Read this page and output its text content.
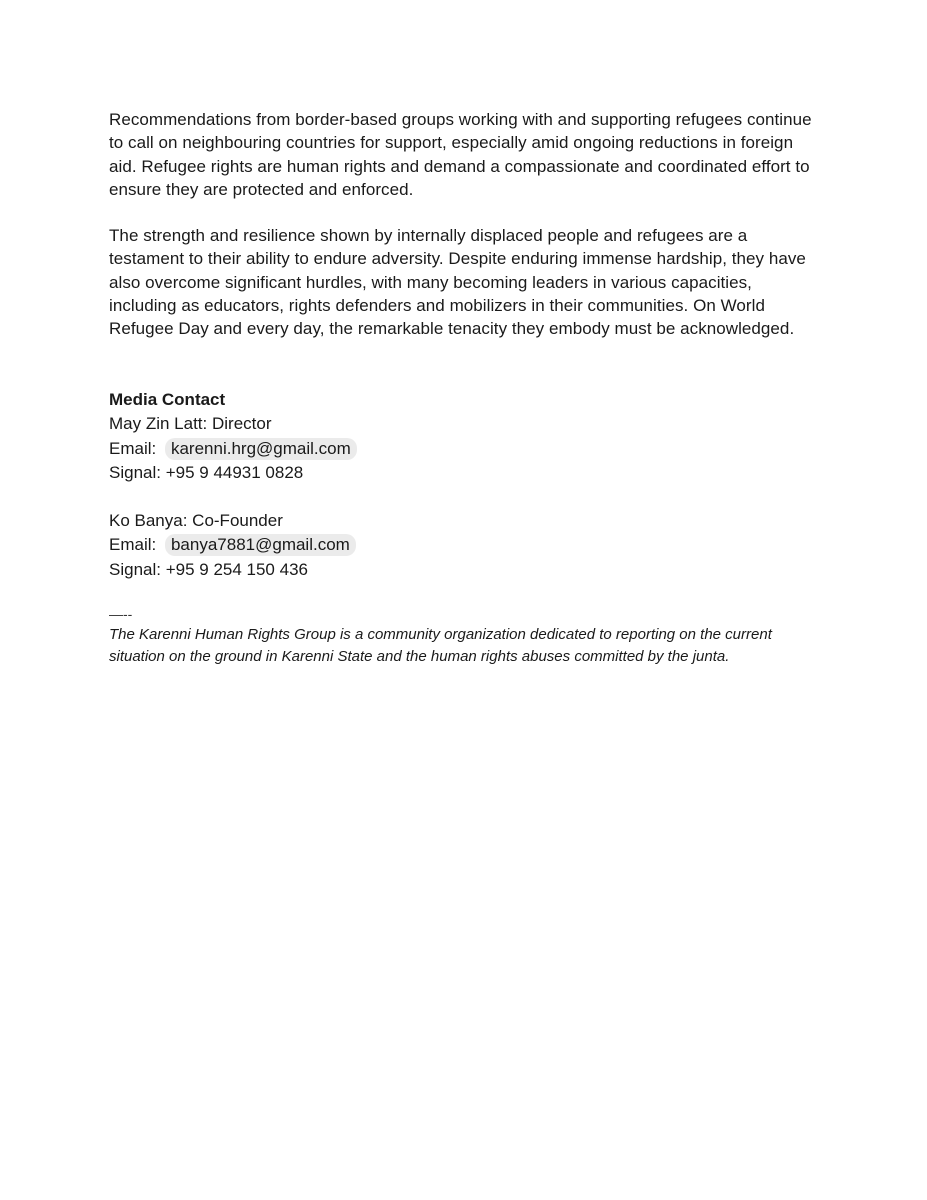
Recommendations from border-based groups working with and supporting refugees continue to call on neighbouring countries for support, especially amid ongoing reductions in foreign aid. Refugee rights are human rights and demand a compassionate and coordinated effort to ensure they are protected and enforced.

The strength and resilience shown by internally displaced people and refugees are a testament to their ability to endure adversity. Despite enduring immense hardship, they have also overcome significant hurdles, with many becoming leaders in various capacities, including as educators, rights defenders and mobilizers in their communities. On World Refugee Day and every day, the remarkable tenacity they embody must be acknowledged.

Media Contact
May Zin Latt: Director
Email: karenni.hrg@gmail.com
Signal: +95 9 44931 0828
Ko Banya: Co-Founder
Email: banya7881@gmail.com
Signal: +95 9 254 150 436
—--

The Karenni Human Rights Group is a community organization dedicated to reporting on the current situation on the ground in Karenni State and the human rights abuses committed by the junta.
